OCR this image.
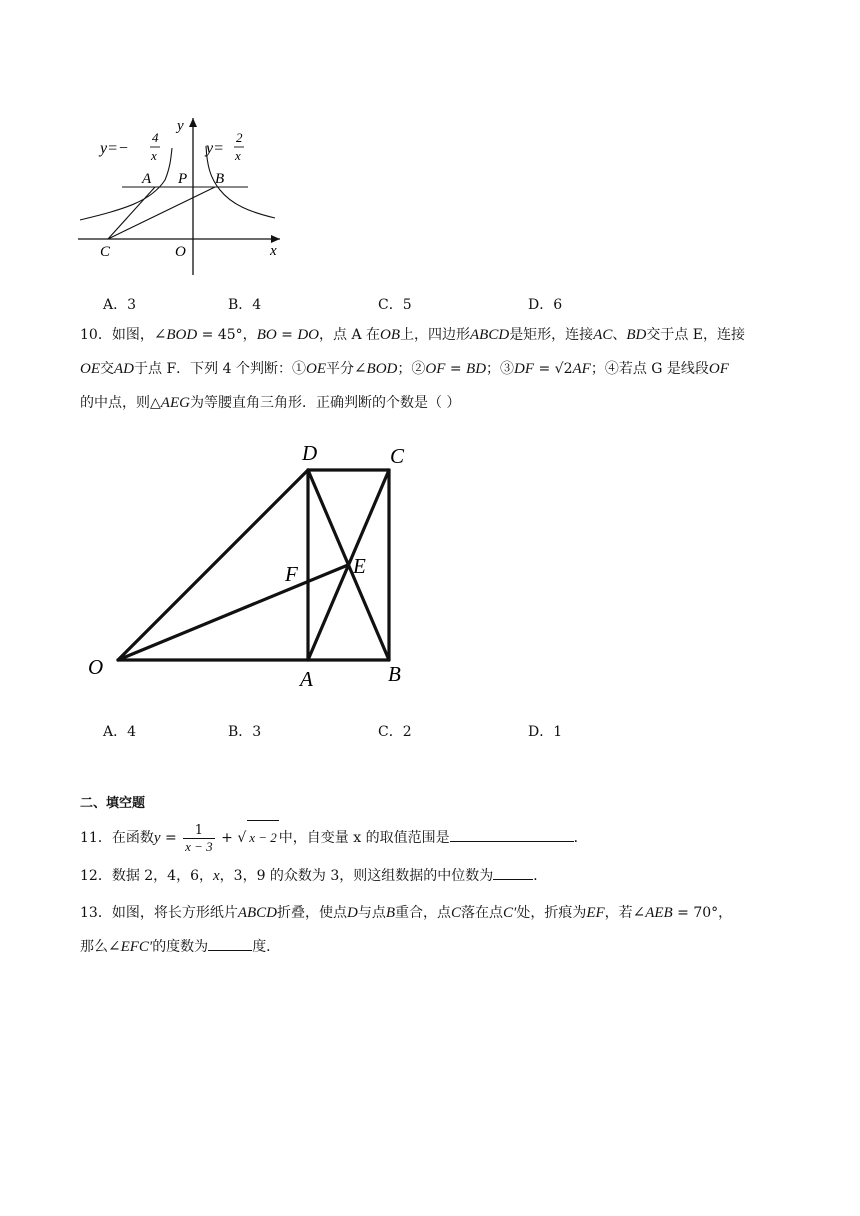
y=−
4
x	y=
2
x
y
x
A P B
C	O
A．3	B．4	C．5	D．6
10．如图，∠BOD = 45°，BO = DO，点 A 在OB上，四边形ABCD是矩形，连接AC、BD交于点 E，连接
OE交AD于点 F．下列 4 个判断：①OE平分∠BOD；②OF = BD；③DF = √2AF；④若点 G 是线段OF
的中点，则△AEG为等腰直角三角形．正确判断的个数是（ ）
D	C
F	E
O	A	B
A．4	B．3	C．2	D．1
二、填空题
11．在函数$y = \frac{1}{x - 3}$ + √ x − 2 中，自变量 x 的取值范围是	．
12．数据 2，4，6，x，3，9 的众数为 3，则这组数据的中位数为	．
13．如图，将长方形纸片ABCD折叠，使点D与点B重合，点C落在点C′处，折痕为EF，若∠AEB = 70°，
那么∠EFC′的度数为	度．
